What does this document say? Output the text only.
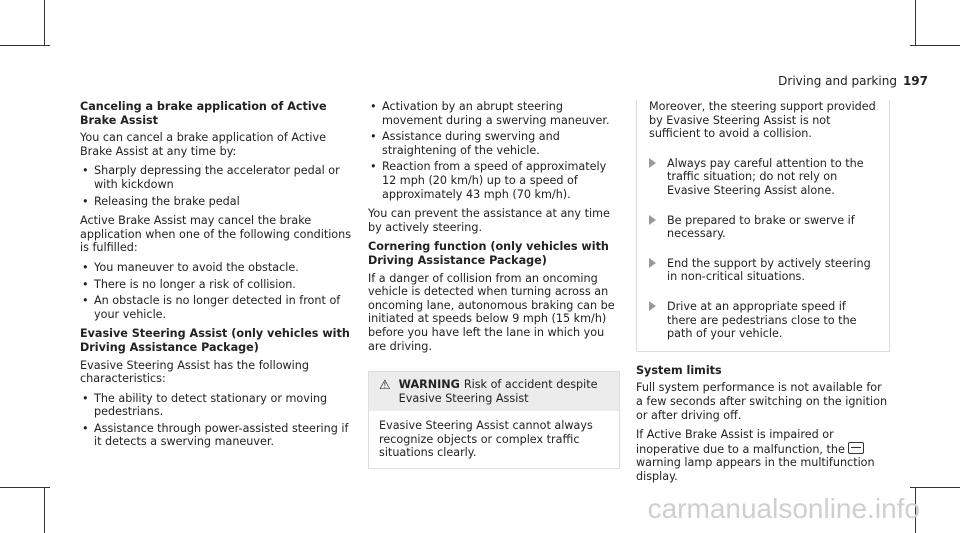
Driving and parking 197
Canceling a brake application of Active Brake Assist

You can cancel a brake application of Active Brake Assist at any time by:

• Sharply depressing the accelerator pedal or with kickdown
• Releasing the brake pedal

Active Brake Assist may cancel the brake application when one of the following conditions is fulfilled:

• You maneuver to avoid the obstacle.
• There is no longer a risk of collision.
• An obstacle is no longer detected in front of your vehicle.
Evasive Steering Assist (only vehicles with Driving Assistance Package)

Evasive Steering Assist has the following characteristics:

• The ability to detect stationary or moving pedestrians.
• Assistance through power-assisted steering if it detects a swerving maneuver.
• Activation by an abrupt steering movement during a swerving maneuver.
• Assistance during swerving and straightening of the vehicle.
• Reaction from a speed of approximately 12 mph (20 km/h) up to a speed of approximately 43 mph (70 km/h).

You can prevent the assistance at any time by actively steering.

Cornering function (only vehicles with Driving Assistance Package)

If a danger of collision from an oncoming vehicle is detected when turning across an oncoming lane, autonomous braking can be initiated at speeds below 9 mph (15 km/h) before you have left the lane in which you are driving.

⚠ WARNING Risk of accident despite Evasive Steering Assist
Evasive Steering Assist cannot always recognize objects or complex traffic situations clearly.

Moreover, the steering support provided by Evasive Steering Assist is not sufficient to avoid a collision.

Always pay careful attention to the traffic situation; do not rely on Evasive Steering Assist alone.
Be prepared to brake or swerve if necessary.
End the support by actively steering in non-critical situations.
Drive at an appropriate speed if there are pedestrians close to the path of your vehicle.
System limits

Full system performance is not available for a few seconds after switching on the ignition or after driving off.

If Active Brake Assist is impaired or inoperative due to a malfunction, thewarning lamp appears in the multifunction display.

carmanualsonline.info
